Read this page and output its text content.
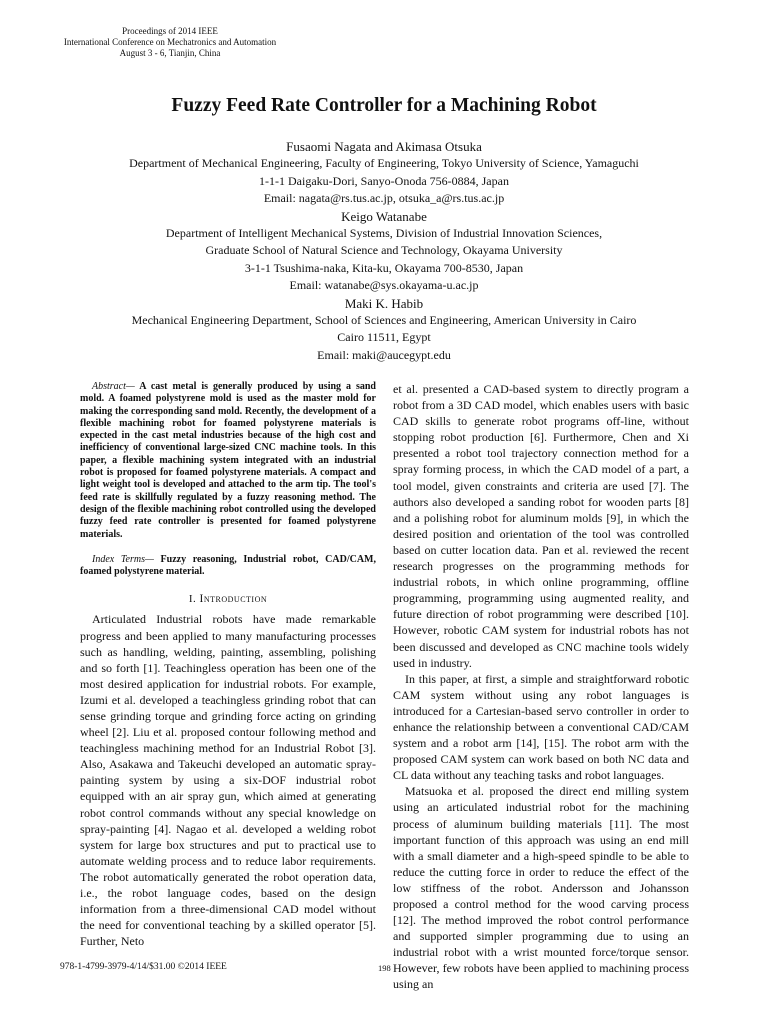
Proceedings of 2014 IEEE
International Conference on Mechatronics and Automation
August 3 - 6, Tianjin, China
Fuzzy Feed Rate Controller for a Machining Robot
Fusaomi Nagata and Akimasa Otsuka
Department of Mechanical Engineering, Faculty of Engineering, Tokyo University of Science, Yamaguchi
1-1-1 Daigaku-Dori, Sanyo-Onoda 756-0884, Japan
Email: nagata@rs.tus.ac.jp, otsuka_a@rs.tus.ac.jp
Keigo Watanabe
Department of Intelligent Mechanical Systems, Division of Industrial Innovation Sciences,
Graduate School of Natural Science and Technology, Okayama University
3-1-1 Tsushima-naka, Kita-ku, Okayama 700-8530, Japan
Email: watanabe@sys.okayama-u.ac.jp
Maki K. Habib
Mechanical Engineering Department, School of Sciences and Engineering, American University in Cairo
Cairo 11511, Egypt
Email: maki@aucegypt.edu

Abstract— A cast metal is generally produced by using a sand mold. A foamed polystyrene mold is used as the master mold for making the corresponding sand mold. Recently, the development of a flexible machining robot for foamed polystyrene materials is expected in the cast metal industries because of the high cost and inefficiency of conventional large-sized CNC machine tools. In this paper, a flexible machining system integrated with an industrial robot is proposed for foamed polystyrene materials. A compact and light weight tool is developed and attached to the arm tip. The tool's feed rate is skillfully regulated by a fuzzy reasoning method. The design of the flexible machining robot controlled using the developed fuzzy feed rate controller is presented for foamed polystyrene materials.

Index Terms— Fuzzy reasoning, Industrial robot, CAD/CAM, foamed polystyrene material.

I. Introduction

Articulated Industrial robots have made remarkable progress and been applied to many manufacturing processes such as handling, welding, painting, assembling, polishing and so forth [1]. Teachingless operation has been one of the most desired application for industrial robots. For example, Izumi et al. developed a teachingless grinding robot that can sense grinding torque and grinding force acting on grinding wheel [2]. Liu et al. proposed contour following method and teachingless machining method for an Industrial Robot [3]. Also, Asakawa and Takeuchi developed an automatic spray-painting system by using a six-DOF industrial robot equipped with an air spray gun, which aimed at generating robot control commands without any special knowledge on spray-painting [4]. Nagao et al. developed a welding robot system for large box structures and put to practical use to automate welding process and to reduce labor requirements. The robot automatically generated the robot operation data, i.e., the robot language codes, based on the design information from a three-dimensional CAD model without the need for conventional teaching by a skilled operator [5]. Further, Neto

et al. presented a CAD-based system to directly program a robot from a 3D CAD model, which enables users with basic CAD skills to generate robot programs off-line, without stopping robot production [6]. Furthermore, Chen and Xi presented a robot tool trajectory connection method for a spray forming process, in which the CAD model of a part, a tool model, given constraints and criteria are used [7]. The authors also developed a sanding robot for wooden parts [8] and a polishing robot for aluminum molds [9], in which the desired position and orientation of the tool was controlled based on cutter location data. Pan et al. reviewed the recent research progresses on the programming methods for industrial robots, in which online programming, offline programming, programming using augmented reality, and future direction of robot programming were described [10]. However, robotic CAM system for industrial robots has not been discussed and developed as CNC machine tools widely used in industry.

In this paper, at first, a simple and straightforward robotic CAM system without using any robot languages is introduced for a Cartesian-based servo controller in order to enhance the relationship between a conventional CAD/CAM system and a robot arm [14], [15]. The robot arm with the proposed CAM system can work based on both NC data and CL data without any teaching tasks and robot languages.

Matsuoka et al. proposed the direct end milling system using an articulated industrial robot for the machining process of aluminum building materials [11]. The most important function of this approach was using an end mill with a small diameter and a high-speed spindle to be able to reduce the cutting force in order to reduce the effect of the low stiffness of the robot. Andersson and Johansson proposed a control method for the wood carving process [12]. The method improved the robot control performance and supported simpler programming due to using an industrial robot with a wrist mounted force/torque sensor. However, few robots have been applied to machining process using an

978-1-4799-3979-4/14/$31.00 ©2014 IEEE	198
